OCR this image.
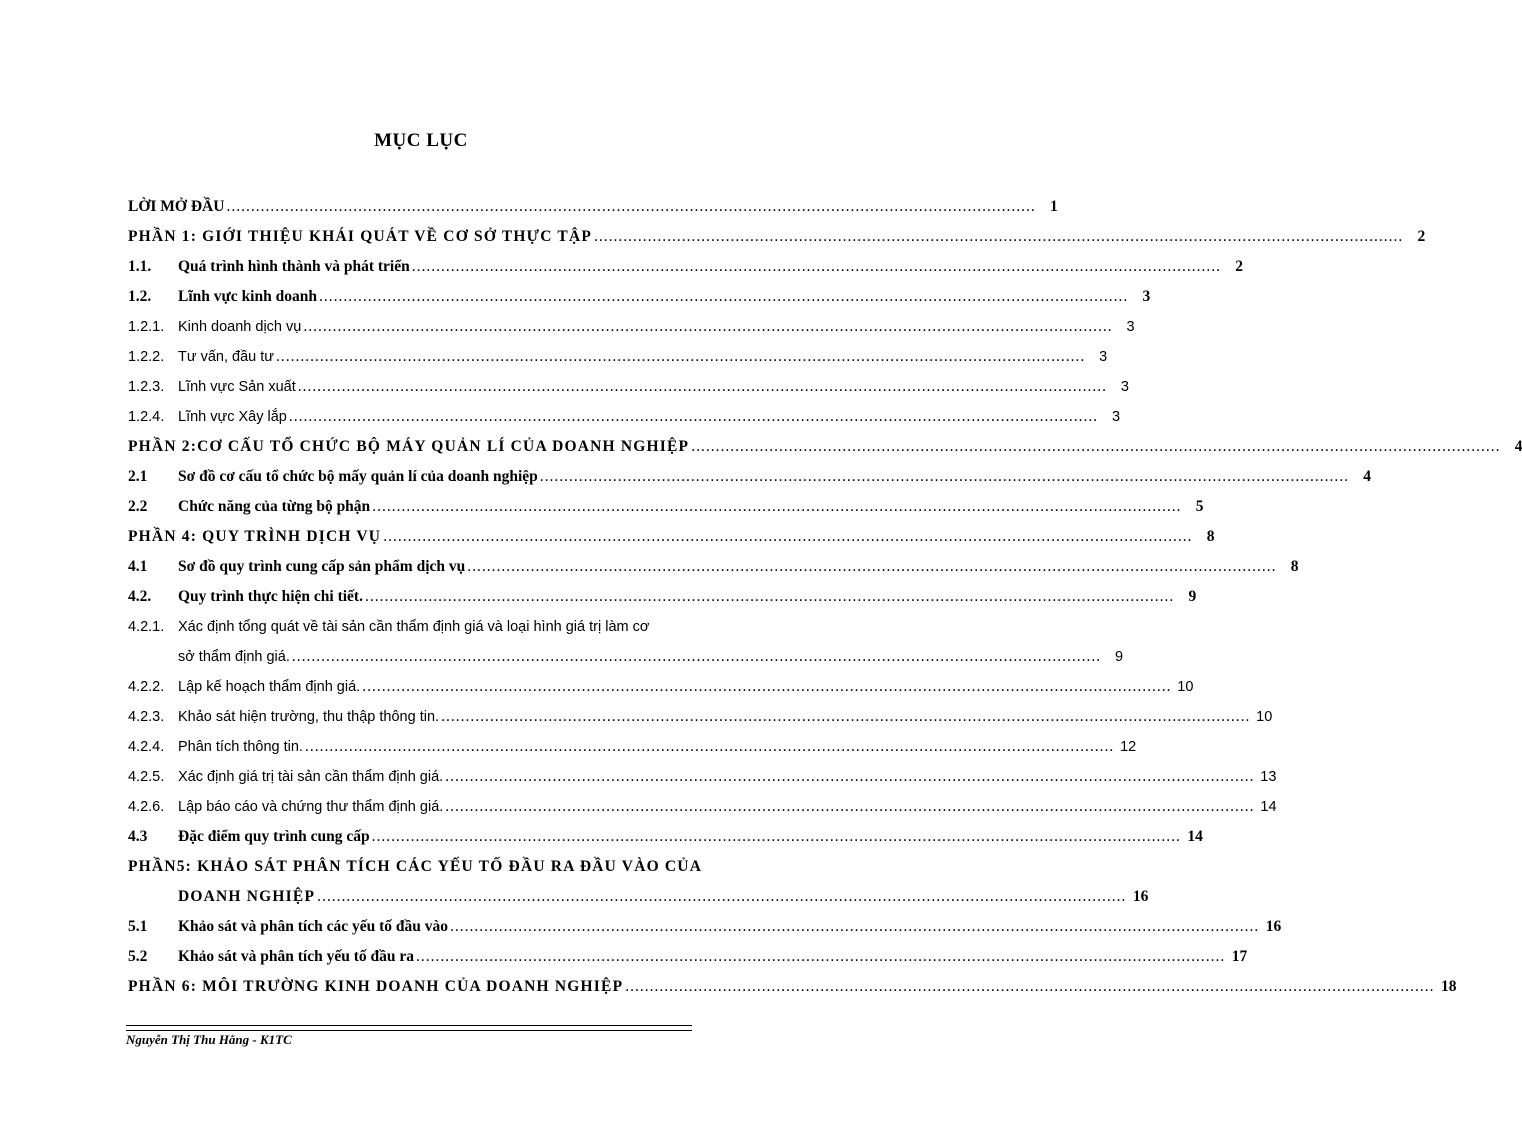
MỤC LỤC
LỜI MỞ ĐẦU .....	1
PHẦN 1: GIỚI THIỆU KHÁI QUÁT VỀ CƠ SỞ THỰC TẬP .....	2
1.1.	Quá trình hình thành và phát triển .....	2
1.2.	Lĩnh vực kinh doanh .....	3
1.2.1. Kinh doanh dịch vụ .....	3
1.2.2. Tư vấn, đầu tư .....	3
1.2.3. Lĩnh vực Sản xuất .....	3
1.2.4. Lĩnh vực Xây lắp .....	3
PHẦN 2:CƠ CẤU TỔ CHỨC BỘ MÁY QUẢN LÍ CỦA DOANH NGHIỆP .....	4
2.1	Sơ đồ cơ cấu tổ chức bộ mấy quản lí của doanh nghiệp .....	4
2.2	Chức năng của từng bộ phận .....	5
PHẦN 4: QUY TRÌNH DỊCH VỤ .....	8
4.1	Sơ đồ quy trình cung cấp sản phẩm dịch vụ .....	8
4.2.	Quy trình thực hiện chi tiết. .....	9
4.2.1. Xác định tổng quát về tài sản cần thẩm định giá và loại hình giá trị làm cơ
sở thẩm định giá. .....	9
4.2.2. Lập kế hoạch thẩm định giá. .....	10
4.2.3. Khảo sát hiện trường, thu thập thông tin. .....	10
4.2.4. Phân tích thông tin. .....	12
4.2.5. Xác định giá trị tài sản cần thẩm định giá. .....	13
4.2.6. Lập báo cáo và chứng thư thẩm định giá. .....	14
4.3	Đặc điểm quy trình cung cấp .....	14
PHẦN5: KHẢO SÁT PHÂN TÍCH CÁC YẾU TỐ ĐẦU RA ĐẦU VÀO CỦA
DOANH NGHIỆP .....	16
5.1	Khảo sát và phân tích các yếu tố đầu vào .....	16
5.2	Khảo sát và phân tích yếu tố đầu ra .....	17
PHẦN 6: MÔI TRƯỜNG KINH DOANH CỦA DOANH NGHIỆP .....	18
Nguyễn Thị Thu Hằng - K1TC
